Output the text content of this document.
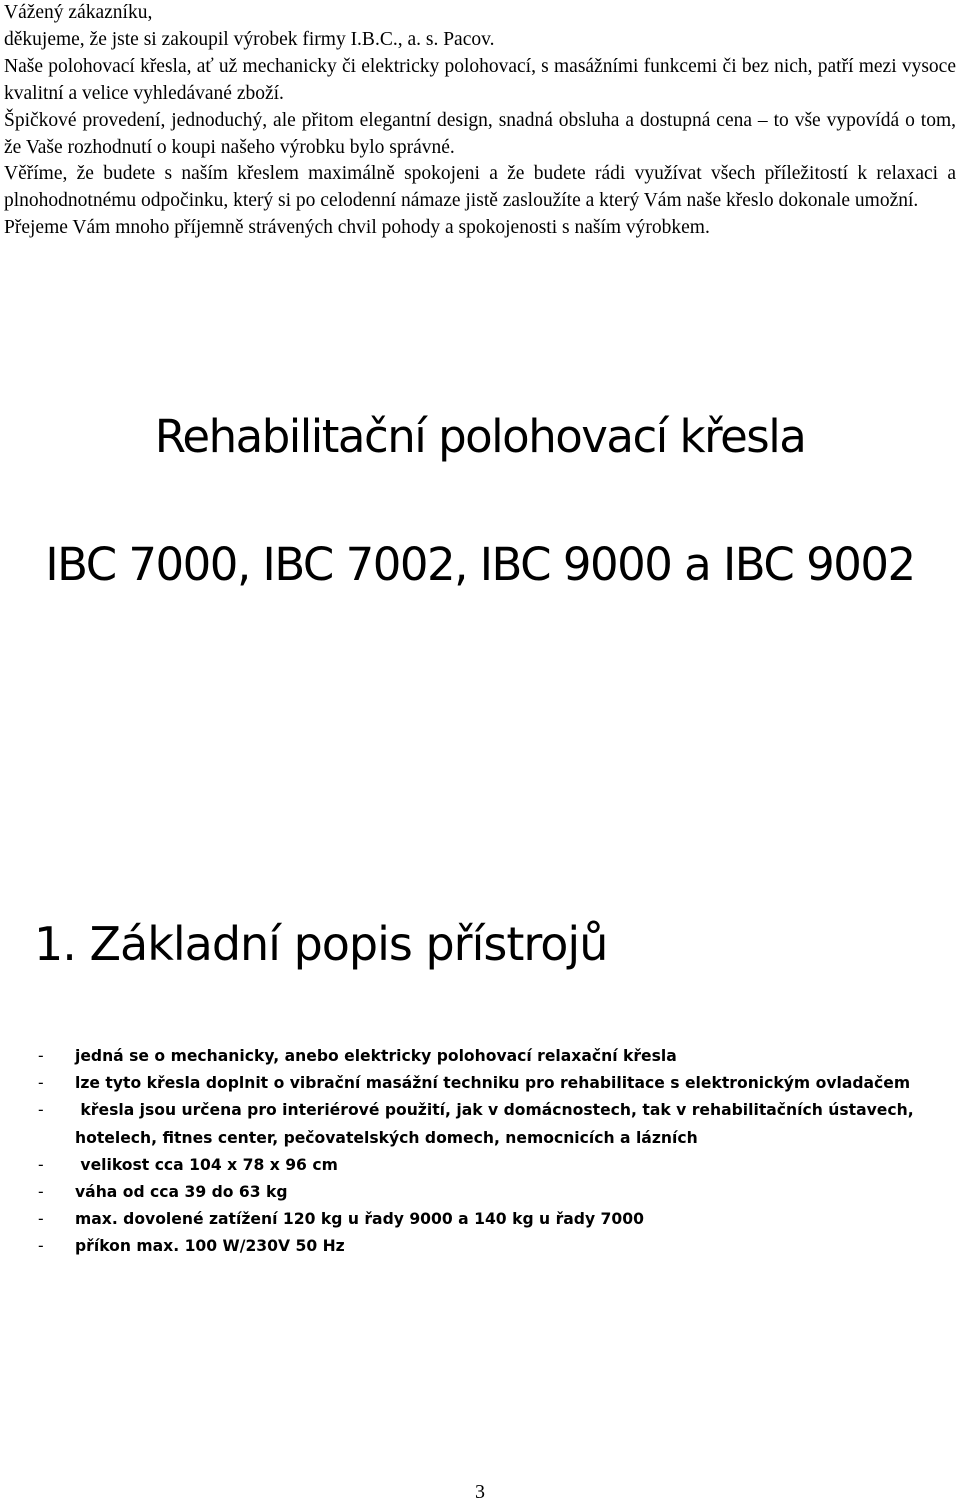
Vážený zákazníku,

děkujeme, že jste si zakoupil výrobek firmy I.B.C., a. s. Pacov.

Naše polohovací křesla, ať už mechanicky či elektricky polohovací, s masážními funkcemi či bez nich, patří mezi vysoce kvalitní a velice vyhledávané zboží.

Špičkové provedení, jednoduchý, ale přitom elegantní design, snadná obsluha a dostupná cena – to vše vypovídá o tom, že Vaše rozhodnutí o koupi našeho výrobku bylo správné.

Věříme, že budete s naším křeslem maximálně spokojeni a že budete rádi využívat všech příležitostí k relaxaci a plnohodnotnému odpočinku, který si po celodenní námaze jistě zasloužíte a který Vám naše křeslo dokonale umožní.

Přejeme Vám mnoho příjemně strávených chvil pohody a spokojenosti s naším výrobkem.

Rehabilitační polohovací křesla
IBC 7000, IBC 7002, IBC 9000 a IBC 9002
1. Základní popis přístrojů
- jedná se o mechanicky, anebo elektricky polohovací relaxační křesla
- lze tyto křesla doplnit o vibrační masážní techniku pro rehabilitace s elektronickým ovladačem
- křesla jsou určena pro interiérové použití, jak v domácnostech, tak v rehabilitačních ústavech,
hotelech, fitnes center, pečovatelských domech, nemocnicích a lázních
- velikost cca 104 x 78 x 96 cm
- váha od cca 39 do 63 kg
- max. dovolené zatížení 120 kg u řady 9000 a 140 kg u řady 7000
- příkon max. 100 W/230V 50 Hz
3
